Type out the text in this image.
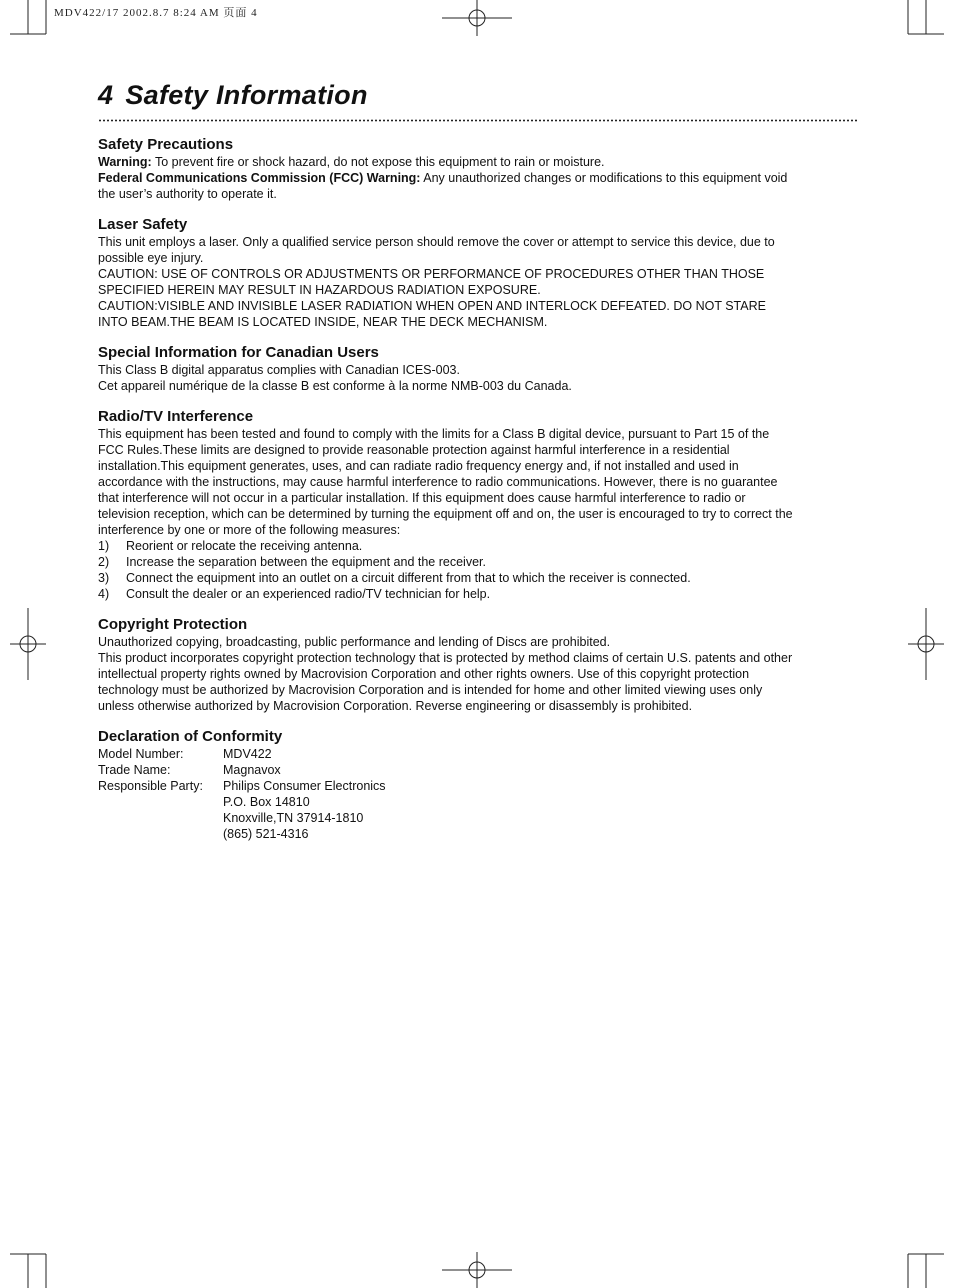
MDV422/17 2002.8.7 8:24 AM 页面 4
4 Safety Information
Safety Precautions

Warning: To prevent fire or shock hazard, do not expose this equipment to rain or moisture.

Federal Communications Commission (FCC) Warning: Any unauthorized changes or modifications to this equipment void the user’s authority to operate it.

Laser Safety

This unit employs a laser. Only a qualified service person should remove the cover or attempt to service this device, due to possible eye injury.

CAUTION: USE OF CONTROLS OR ADJUSTMENTS OR PERFORMANCE OF PROCEDURES OTHER THAN THOSE SPECIFIED HEREIN MAY RESULT IN HAZARDOUS RADIATION EXPOSURE.

CAUTION:VISIBLE AND INVISIBLE LASER RADIATION WHEN OPEN AND INTERLOCK DEFEATED. DO NOT STARE INTO BEAM.THE BEAM IS LOCATED INSIDE, NEAR THE DECK MECHANISM.

Special Information for Canadian Users

This Class B digital apparatus complies with Canadian ICES-003.

Cet appareil numérique de la classe B est conforme à la norme NMB-003 du Canada.

Radio/TV Interference

This equipment has been tested and found to comply with the limits for a Class B digital device, pursuant to Part 15 of the FCC Rules.These limits are designed to provide reasonable protection against harmful interference in a residential installation.This equipment generates, uses, and can radiate radio frequency energy and, if not installed and used in accordance with the instructions, may cause harmful interference to radio communications. However, there is no guarantee that interference will not occur in a particular installation. If this equipment does cause harmful interference to radio or television reception, which can be determined by turning the equipment off and on, the user is encouraged to try to correct the interference by one or more of the following measures:

1)	Reorient or relocate the receiving antenna.
2)	Increase the separation between the equipment and the receiver.
3)	Connect the equipment into an outlet on a circuit different from that to which the receiver is connected.
4)	Consult the dealer or an experienced radio/TV technician for help.
Copyright Protection

Unauthorized copying, broadcasting, public performance and lending of Discs are prohibited.

This product incorporates copyright protection technology that is protected by method claims of certain U.S. patents and other intellectual property rights owned by Macrovision Corporation and other rights owners. Use of this copyright protection technology must be authorized by Macrovision Corporation and is intended for home and other limited viewing uses only unless otherwise authorized by Macrovision Corporation. Reverse engineering or disassembly is prohibited.

Declaration of Conformity
Model Number:	MDV422
Trade Name:	Magnavox
Responsible Party:	Philips Consumer Electronics
P.O. Box 14810
Knoxville,TN 37914-1810
(865) 521-4316
